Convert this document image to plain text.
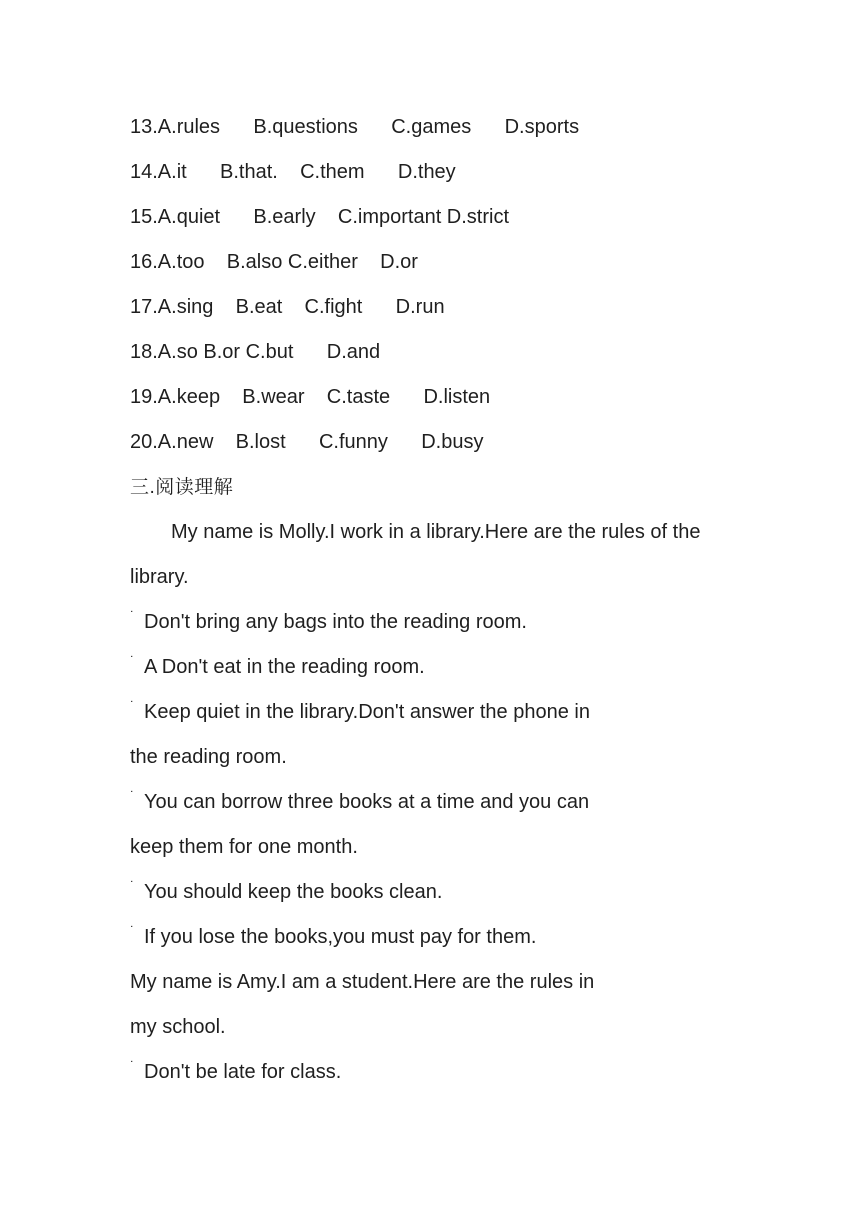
13.A.rules      B.questions      C.games      D.sports
14.A.it      B.that.    C.them      D.they
15.A.quiet      B.early    C.important D.strict
16.A.too    B.also C.either    D.or
17.A.sing    B.eat    C.fight      D.run
18.A.so B.or C.but      D.and
19.A.keep    B.wear    C.taste      D.listen
20.A.new    B.lost      C.funny      D.busy
三.阅读理解
My name is Molly.I work in a library.Here are the rules of the
library.
˙ Don't bring any bags into the reading room.
˙ A Don't eat in the reading room.
˙ Keep quiet in the library.Don't answer the phone in
the reading room.
˙ You can borrow three books at a time and you can
keep them for one month.
˙ You should keep the books clean.
˙ If you lose the books,you must pay for them.
My name is Amy.I am a student.Here are the rules in
my school.
˙ Don't be late for class.
